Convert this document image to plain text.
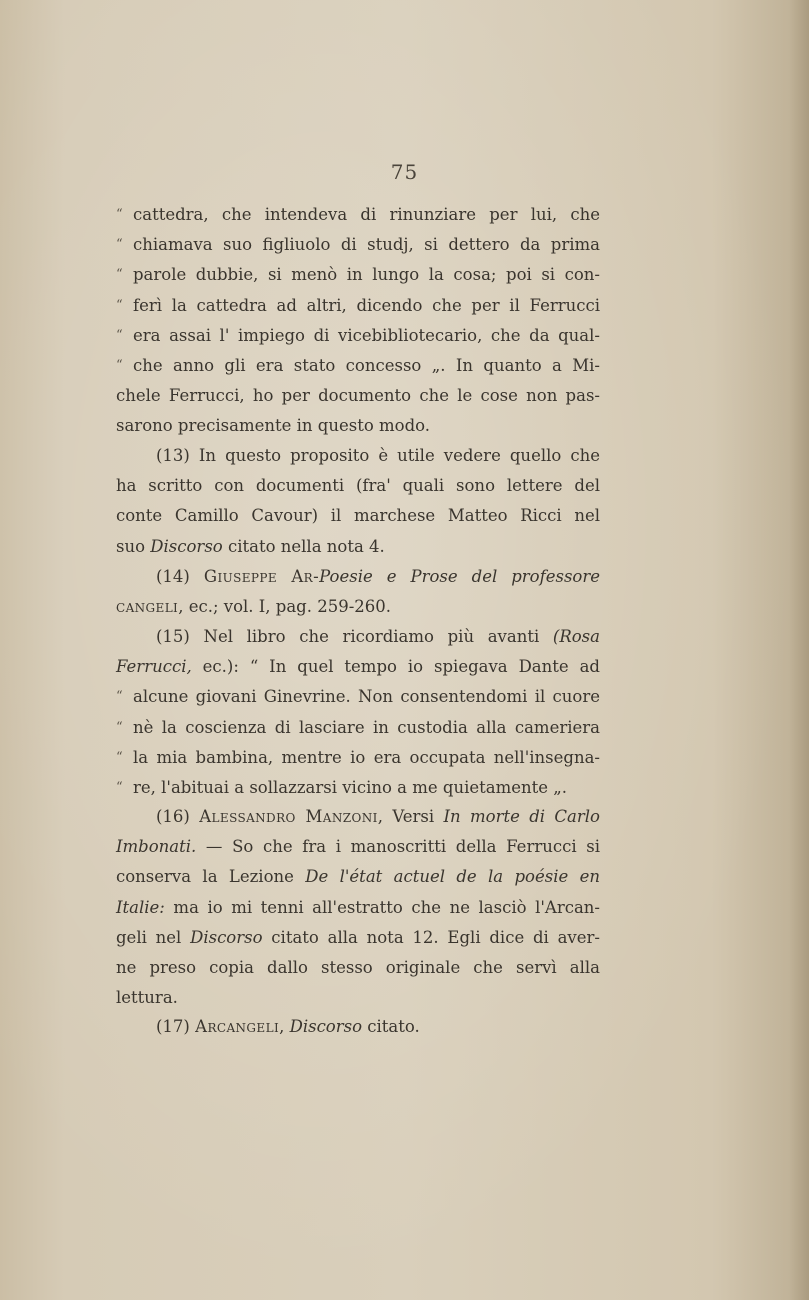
75
“ cattedra, che intendeva di rinunziare per lui, che
“ chiamava suo figliuolo di studj, si dettero da prima
“ parole dubbie, si menò in lungo la cosa; poi si con-
“ ferì la cattedra ad altri, dicendo che per il Ferrucci
“ era assai l' impiego di vicebibliotecario, che da qual-
“ che anno gli era stato concesso „. In quanto a Mi-
chele Ferrucci, ho per documento che le cose non pas-
sarono precisamente in questo modo.
(13) In questo proposito è utile vedere quello che
ha scritto con documenti (fra' quali sono lettere del
conte Camillo Cavour) il marchese Matteo Ricci nel
suo Discorso citato nella nota 4.
(14) Giuseppe Ar-Poesie e Prose del professore
cangeli, ec.; vol. I, pag. 259-260.
(15) Nel libro che ricordiamo più avanti (Rosa
Ferrucci, ec.): “ In quel tempo io spiegava Dante ad
“ alcune giovani Ginevrine. Non consentendomi il cuore
“ nè la coscienza di lasciare in custodia alla cameriera
“ la mia bambina, mentre io era occupata nell'insegna-
“ re, l'abituai a sollazzarsi vicino a me quietamente „.
(16) Alessandro Manzoni, Versi In morte di Carlo
Imbonati. — So che fra i manoscritti della Ferrucci si
conserva la Lezione De l'état actuel de la poésie en
Italie: ma io mi tenni all'estratto che ne lasciò l'Arcan-
geli nel Discorso citato alla nota 12. Egli dice di aver-
ne preso copia dallo stesso originale che servì alla
lettura.
(17) Arcangeli, Discorso citato.
